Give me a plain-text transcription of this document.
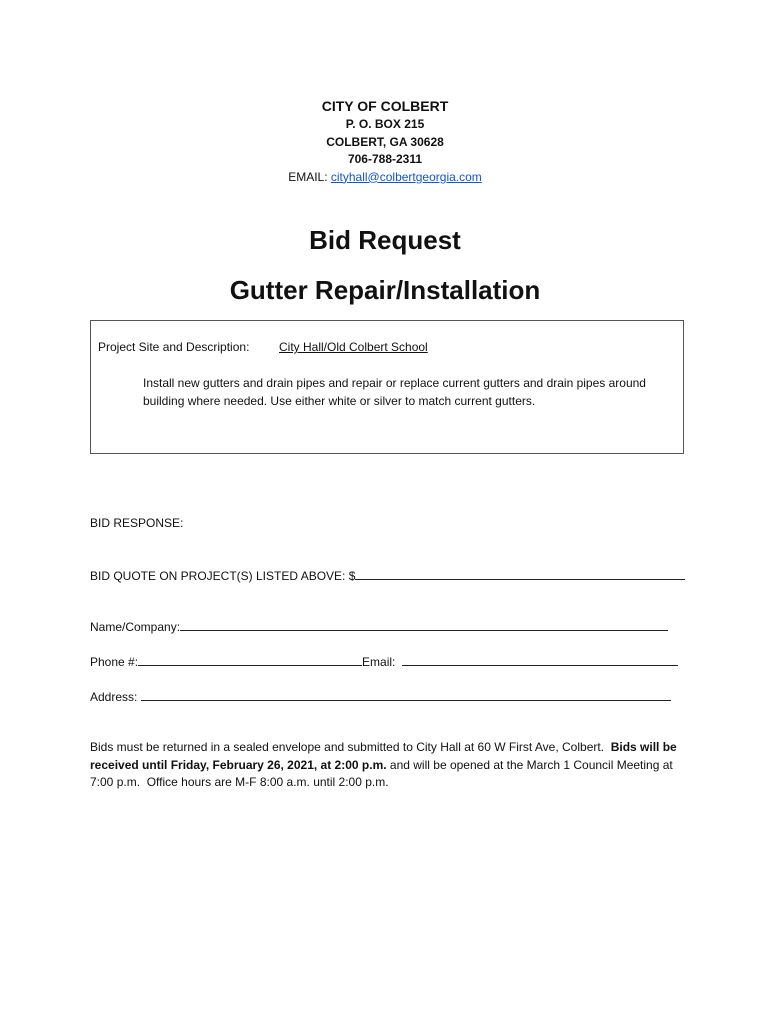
CITY OF COLBERT
P. O. BOX 215
COLBERT, GA 30628
706-788-2311
EMAIL: cityhall@colbertgeorgia.com
Bid Request
Gutter Repair/Installation
Project Site and Description: City Hall/Old Colbert School
Install new gutters and drain pipes and repair or replace current gutters and drain pipes around building where needed. Use either white or silver to match current gutters.
BID RESPONSE:
BID QUOTE ON PROJECT(S) LISTED ABOVE: $
Name/Company:
Phone #:	Email:
Address:
Bids must be returned in a sealed envelope and submitted to City Hall at 60 W First Ave, Colbert.  Bids will be received until Friday, February 26, 2021, at 2:00 p.m. and will be opened at the March 1 Council Meeting at 7:00 p.m.  Office hours are M-F 8:00 a.m. until 2:00 p.m.
